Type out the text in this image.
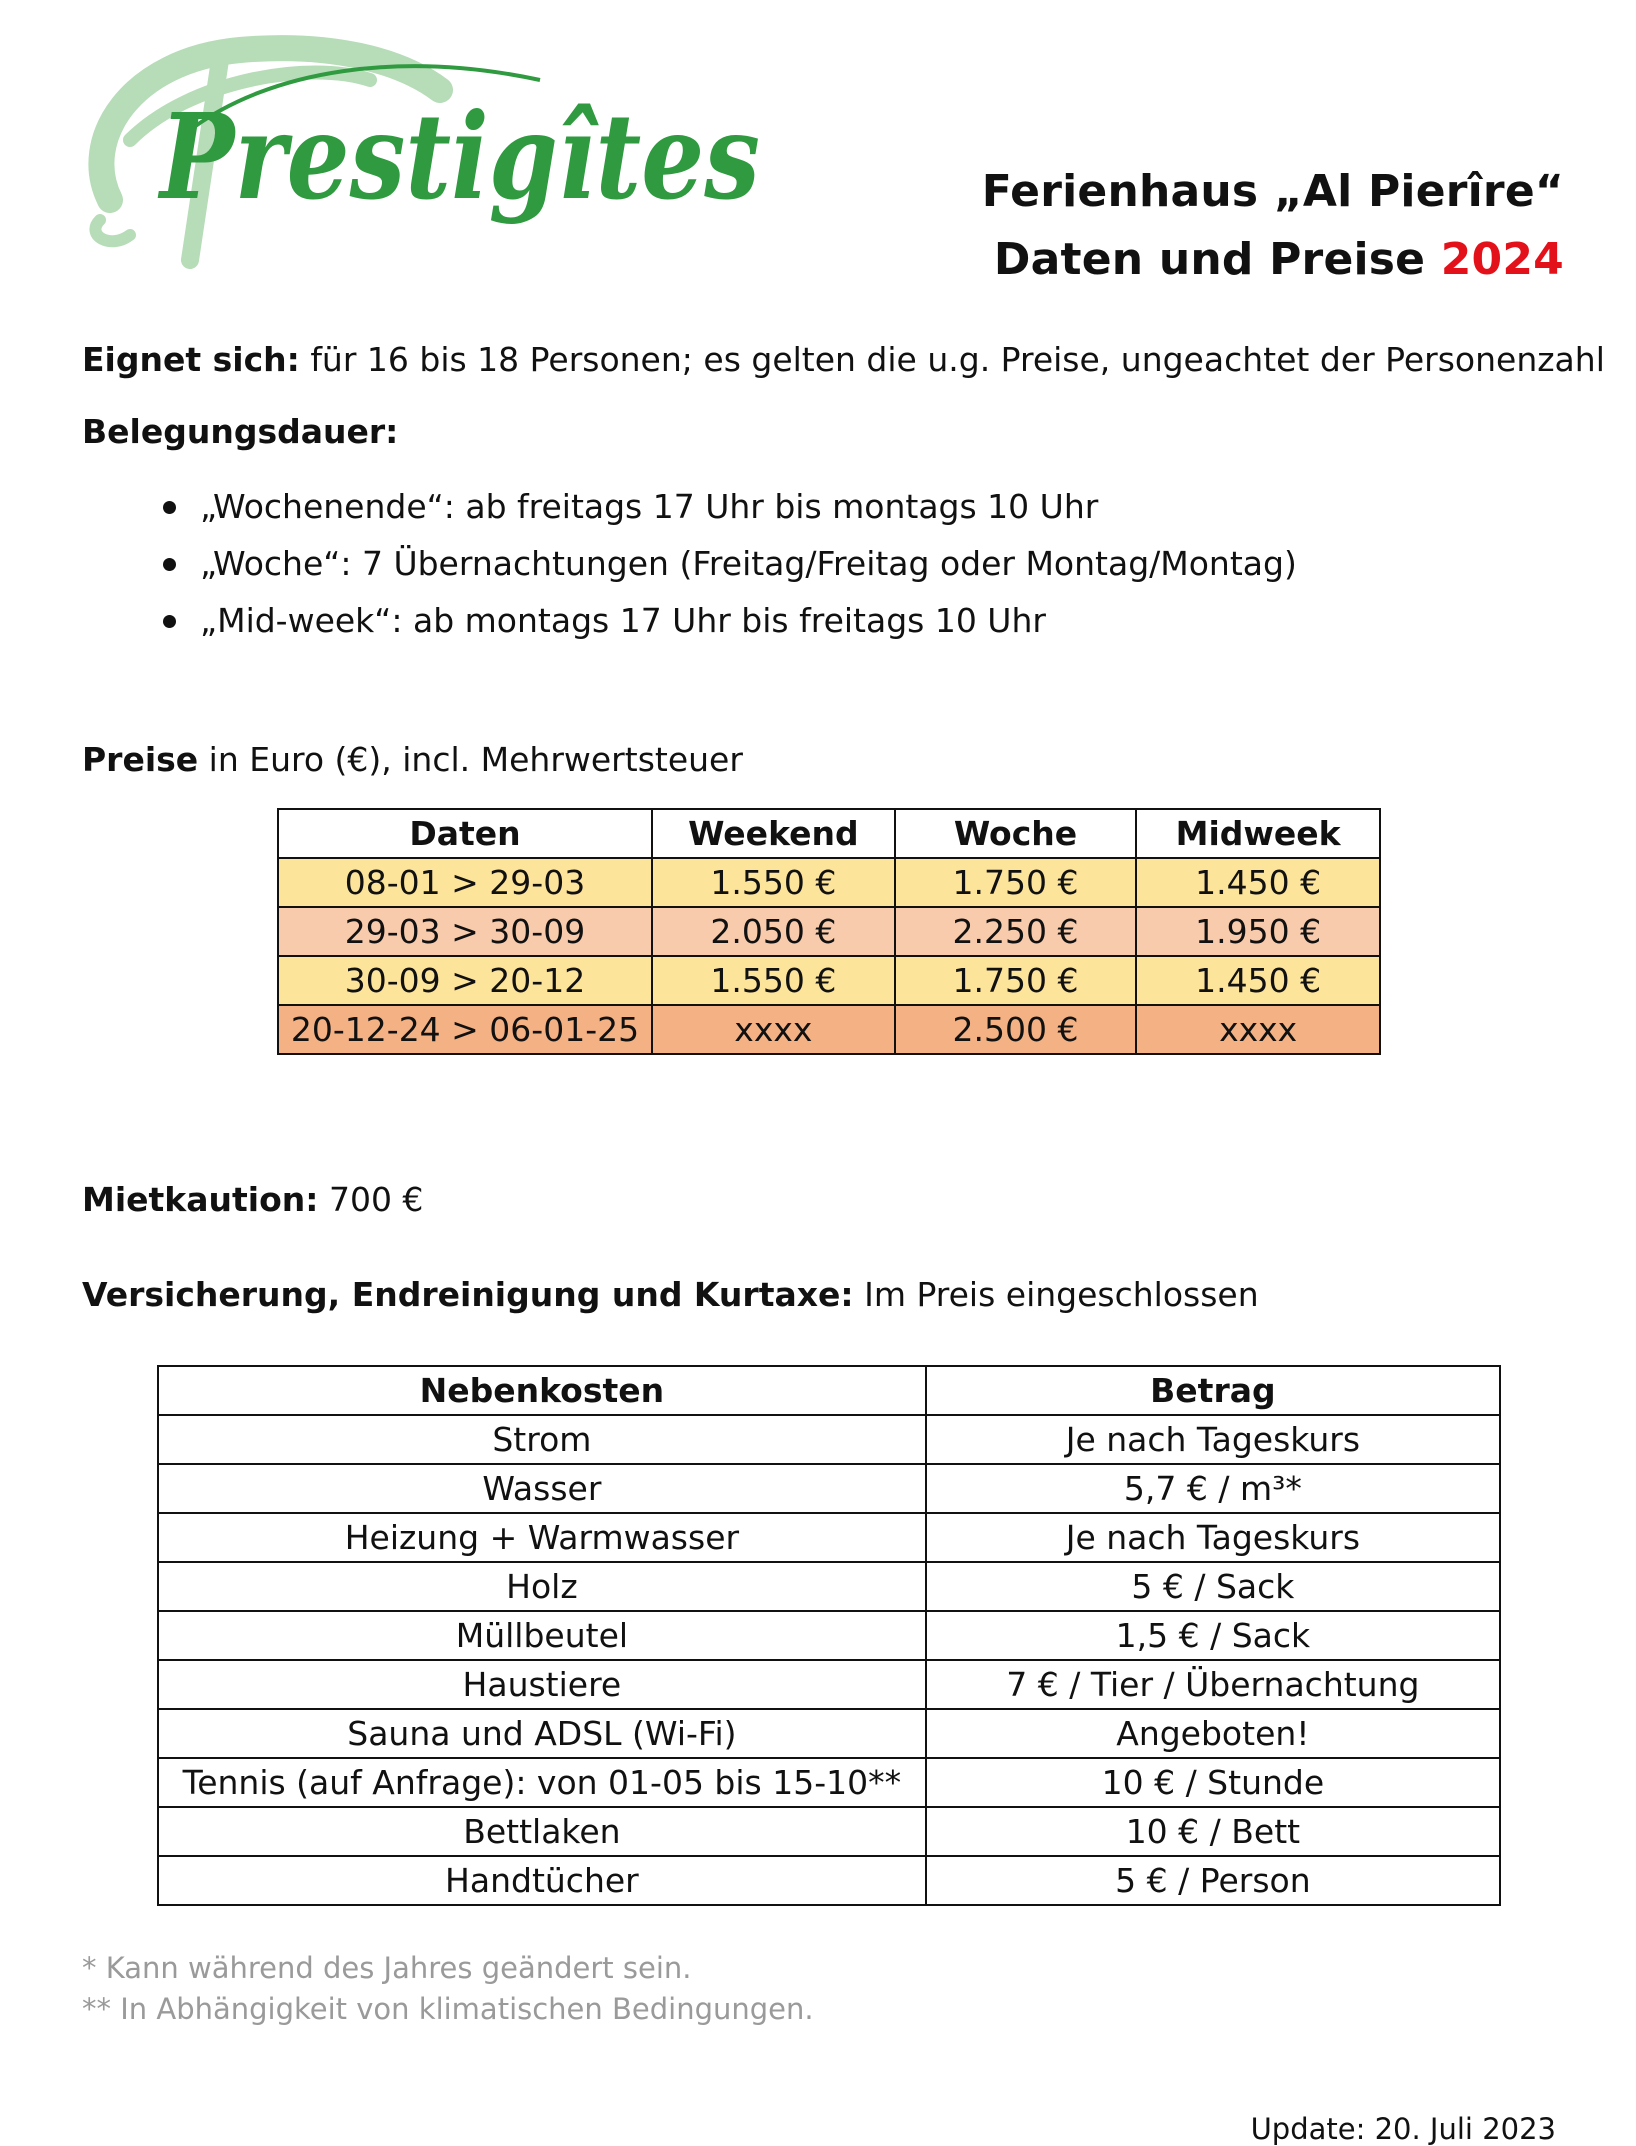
Prestigîtes	Ferienhaus „Al Pierîre“
Daten und Preise 2024
Eignet sich: für 16 bis 18 Personen; es gelten die u.g. Preise, ungeachtet der Personenzahl
Belegungsdauer:
„Wochenende“: ab freitags 17 Uhr bis montags 10 Uhr
„Woche“: 7 Übernachtungen (Freitag/Freitag oder Montag/Montag)
„Mid-week“: ab montags 17 Uhr bis freitags 10 Uhr
Preise in Euro (€), incl. Mehrwertsteuer
Daten	Weekend	Woche	Midweek
08-01 > 29-03	1.550 €	1.750 €	1.450 €
29-03 > 30-09	2.050 €	2.250 €	1.950 €
30-09 > 20-12	1.550 €	1.750 €	1.450 €
20-12-24 > 06-01-25	xxxx	2.500 €	xxxx
Mietkaution: 700 €
Versicherung, Endreinigung und Kurtaxe: Im Preis eingeschlossen
Nebenkosten	Betrag
Strom	Je nach Tageskurs
Wasser	5,7 € / m³*
Heizung + Warmwasser	Je nach Tageskurs
Holz	5 € / Sack
Müllbeutel	1,5 € / Sack
Haustiere	7 € / Tier / Übernachtung
Sauna und ADSL (Wi-Fi)	Angeboten!
Tennis (auf Anfrage): von 01-05 bis 15-10**	10 € / Stunde
Bettlaken	10 € / Bett
Handtücher	5 € / Person
* Kann während des Jahres geändert sein.
** In Abhängigkeit von klimatischen Bedingungen.
Update: 20. Juli 2023
